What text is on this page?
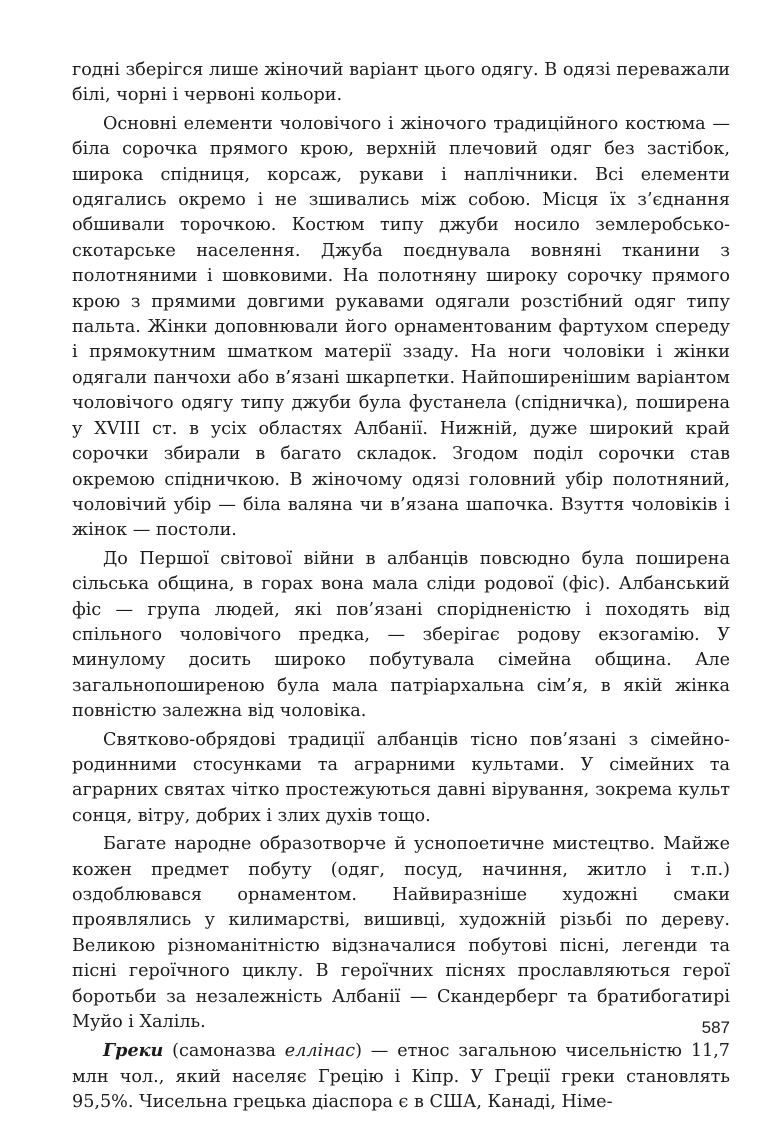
годні зберігся лише жіночий варіант цього одягу. В одязі переважали білі, чорні і червоні кольори.

Основні елементи чоловічого і жіночого традиційного костюма — біла сорочка прямого крою, верхній плечовий одяг без застібок, широка спідниця, корсаж, рукави і наплічники. Всі елементи одягались окремо і не зшивались між собою. Місця їх з’єднання обшивали торочкою. Костюм типу джуби носило землеробсько-скотарське населення. Джуба поєднувала вовняні тканини з полотняними і шовковими. На полотняну широку сорочку прямого крою з прямими довгими рукавами одягали розстібний одяг типу пальта. Жінки доповнювали його орнаментованим фартухом спереду і прямокутним шматком матерії ззаду. На ноги чоловіки і жінки одягали панчохи або в’язані шкарпетки. Найпоширенішим варіантом чоловічого одягу типу джуби була фустанела (спідничка), поширена у XVIII ст. в усіх областях Албанії. Нижній, дуже широкий край сорочки збирали в багато складок. Згодом поділ сорочки став окремою спідничкою. В жіночому одязі головний убір полотняний, чоловічий убір — біла валяна чи в’язана шапочка. Взуття чоловіків і жінок — постоли.

До Першої світової війни в албанців повсюдно була поширена сільська община, в горах вона мала сліди родової (фіс). Албанський фіс — група людей, які пов’язані спорідненістю і походять від спільного чоловічого предка, — зберігає родову екзогамію. У минулому досить широко побутувала сімейна община. Але загальнопоширеною була мала патріархальна сім’я, в якій жінка повністю залежна від чоловіка.

Святково-обрядові традиції албанців тісно пов’язані з сімейно-родинними стосунками та аграрними культами. У сімейних та аграрних святах чітко простежуються давні вірування, зокрема культ сонця, вітру, добрих і злих духів тощо.

Багате народне образотворче й уснопоетичне мистецтво. Майже кожен предмет побуту (одяг, посуд, начиння, житло і т.п.) оздоблювався орнаментом. Найвиразніше художні смаки проявлялись у килимарстві, вишивці, художній різьбі по дереву. Великою різноманітністю відзначалися побутові пісні, легенди та пісні героїчного циклу. В героїчних піснях прославляються герої боротьби за незалежність Албанії — Скандерберг та братибогатирі Муйо і Халіль.

Греки (самоназва еллінас) — етнос загальною чисельністю 11,7 млн чол., який населяє Грецію і Кіпр. У Греції греки становлять 95,5%. Чисельна грецька діаспора є в США, Канаді, Німе-

587
